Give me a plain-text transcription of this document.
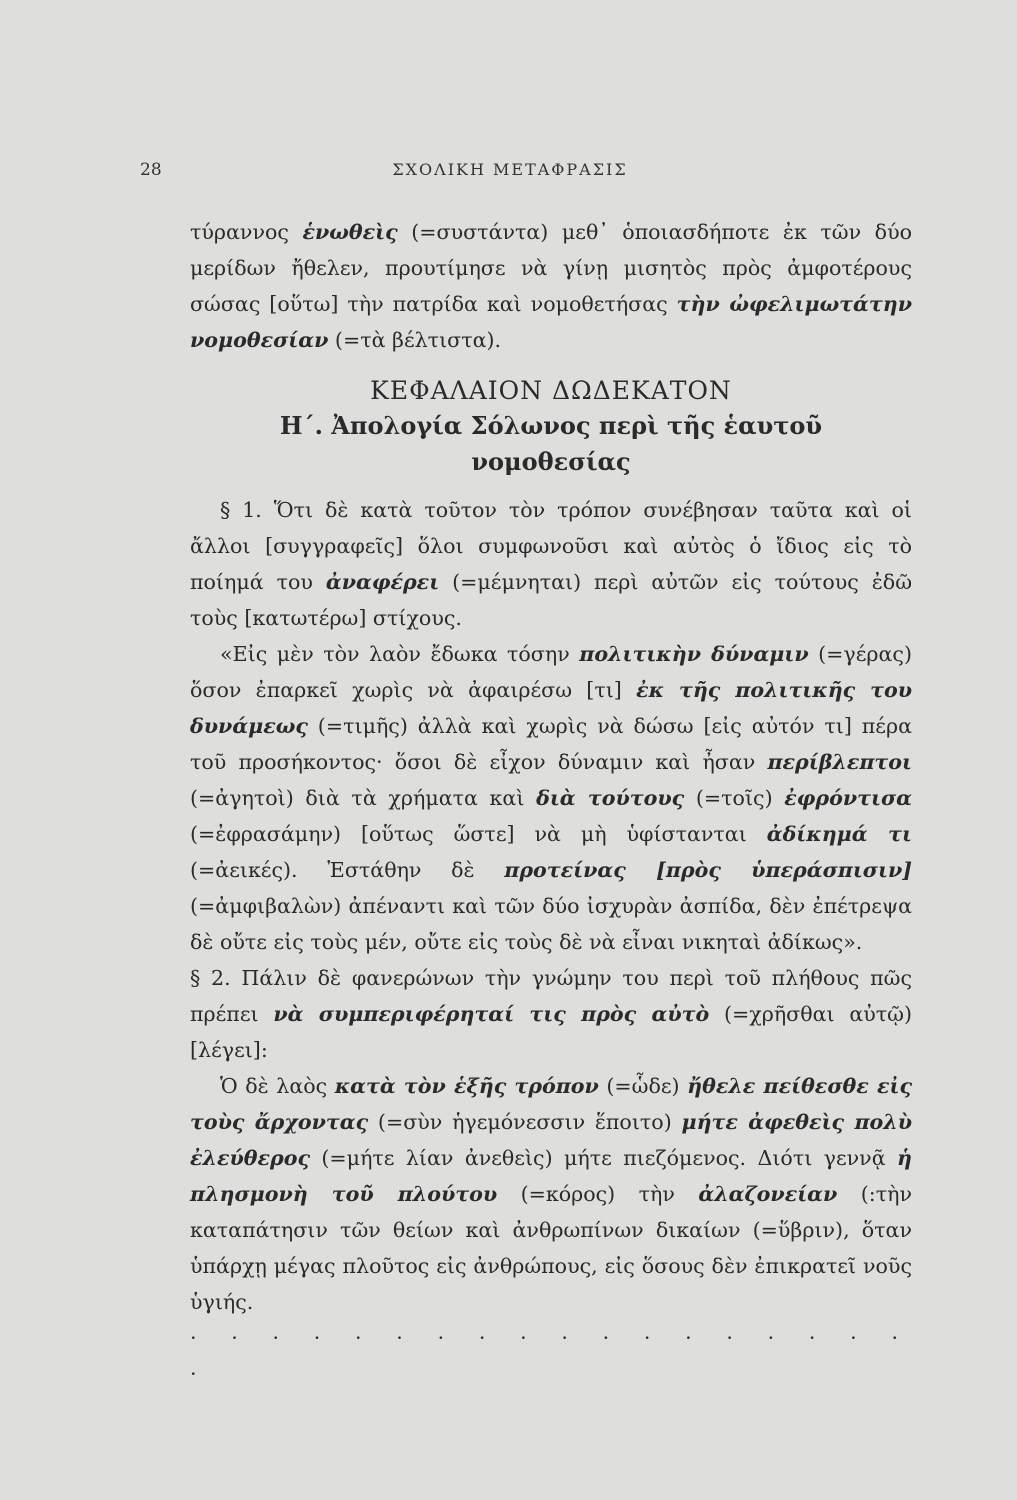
28	ΣΧΟΛΙΚΗ ΜΕΤΑΦΡΑΣΙΣ

τύραννος ἑνωθεὶς (=συστάντα) μεθ᾽ ὁποιασδήποτε ἐκ τῶν δύο μερίδων ἤθελεν, προυτίμησε νὰ γίνῃ μισητὸς πρὸς ἀμφοτέρους σώσας [οὕτω] τὴν πατρίδα καὶ νομοθετήσας τὴν ὠφελιμωτάτην νομοθεσίαν (=τὰ βέλτιστα).

ΚΕΦΑΛΑΙΟΝ ΔΩΔΕΚΑΤΟΝ
Η΄. Ἀπολογία Σόλωνος περὶ τῆς ἑαυτοῦ
νομοθεσίας

§ 1. Ὅτι δὲ κατὰ τοῦτον τὸν τρόπον συνέβησαν ταῦτα καὶ οἱ ἄλλοι [συγγραφεῖς] ὅλοι συμφωνοῦσι καὶ αὐτὸς ὁ ἴδιος εἰς τὸ ποίημά του ἀναφέρει (=μέμνηται) περὶ αὐτῶν εἰς τούτους ἐδῶ τοὺς [κατωτέρω] στίχους.

«Εἰς μὲν τὸν λαὸν ἔδωκα τόσην πολιτικὴν δύναμιν (=γέρας) ὅσον ἐπαρκεῖ χωρὶς νὰ ἀφαιρέσω [τι] ἐκ τῆς πολιτικῆς του δυνάμεως (=τιμῆς) ἀλλὰ καὶ χωρὶς νὰ δώσω [εἰς αὐτόν τι] πέρα τοῦ προσήκοντος· ὅσοι δὲ εἶχον δύναμιν καὶ ἦσαν περίβλεπτοι (=ἀγητοὶ) διὰ τὰ χρήματα καὶ διὰ τούτους (=τοῖς) ἐφρόντισα (=ἐφρασάμην) [οὕτως ὥστε] νὰ μὴ ὑφίστανται ἀδίκημά τι (=ἀεικές). Ἐστάθην δὲ προτείνας [πρὸς ὑπεράσπισιν] (=ἀμφιβαλὼν) ἀπέναντι καὶ τῶν δύο ἰσχυρὰν ἀσπίδα, δὲν ἐπέτρεψα δὲ οὔτε εἰς τοὺς μέν, οὔτε εἰς τοὺς δὲ νὰ εἶναι νικηταὶ ἀδίκως».

§ 2. Πάλιν δὲ φανερώνων τὴν γνώμην του περὶ τοῦ πλήθους πῶς πρέπει νὰ συμπεριφέρηταί τις πρὸς αὐτὸ (=χρῆσθαι αὐτῷ) [λέγει]:

Ὁ δὲ λαὸς κατὰ τὸν ἑξῆς τρόπον (=ὧδε) ἤθελε πείθεσθε εἰς τοὺς ἄρχοντας (=σὺν ἡγεμόνεσσιν ἕποιτο) μήτε ἀφεθεὶς πολὺ ἐλεύθερος (=μήτε λίαν ἀνεθεὶς) μήτε πιεζόμενος. Διότι γεννᾷ ἡ πλησμονὴ τοῦ πλούτου (=κόρος) τὴν ἀλαζονείαν (:τὴν καταπάτησιν τῶν θείων καὶ ἀνθρωπίνων δικαίων (=ὕβριν), ὅταν ὑπάρχῃ μέγας πλοῦτος εἰς ἀνθρώπους, εἰς ὅσους δὲν ἐπικρατεῖ νοῦς ὑγιής.

· · · · · · · · · · · · · · · · · · ·
